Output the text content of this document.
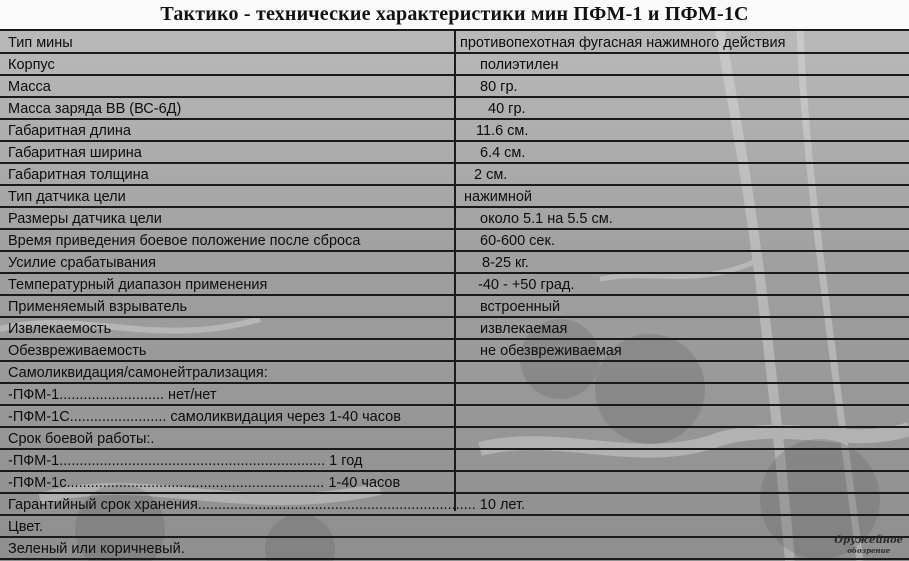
Тактико - технические характеристики мин ПФМ-1 и ПФМ-1С
Тип мины	противопехотная фугасная нажимного действия
Корпус	полиэтилен
Масса	80 гр.
Масса заряда ВВ (ВС-6Д)	40 гр.
Габаритная длина	11.6 см.
Габаритная ширина	6.4 см.
Габаритная толщина	2 см.
Тип датчика цели	нажимной
Размеры датчика цели	около 5.1 на 5.5 см.
Время приведения боевое положение после сброса	60-600 сек.
Усилие срабатывания	8-25 кг.
Температурный диапазон применения	-40 - +50 град.
Применяемый взрыватель	встроенный
Извлекаемость	извлекаемая
Обезвреживаемость	не обезвреживаемая
Самоликвидация/самонейтрализация:
-ПФМ-1.......................... нет/нет
-ПФМ-1С........................ самоликвидация через 1-40 часов
Срок боевой работы:.
-ПФМ-1.................................................................. 1 год
-ПФМ-1с................................................................ 1-40 часов
Гарантийный срок хранения..................................................................... 10 лет.
Цвет.
Зеленый или коричневый.
Оружейное
обозрение
